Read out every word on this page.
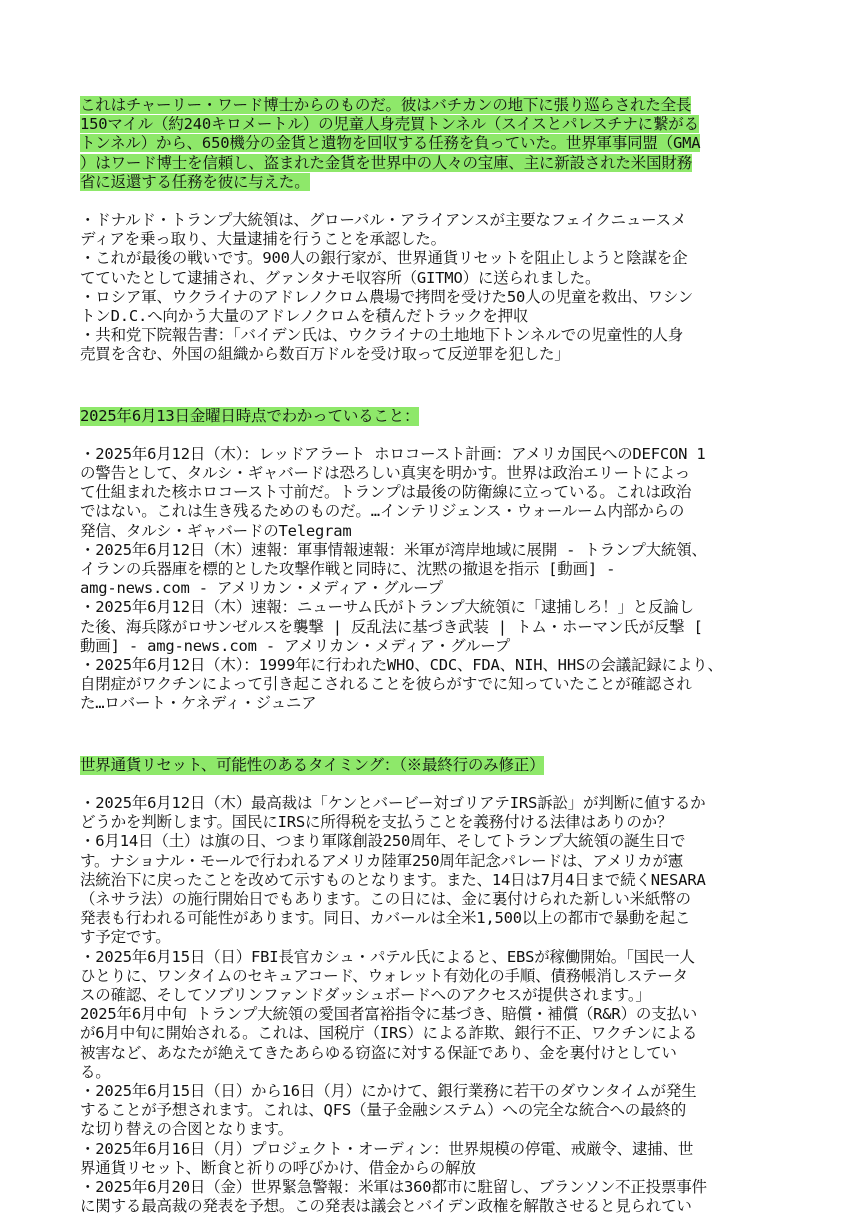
これはチャーリー・ワード博士からのものだ。彼はバチカンの地下に張り巡らされた全長
150マイル（約240キロメートル）の児童人身売買トンネル（スイスとパレスチナに繋がる
トンネル）から、650機分の金貨と遺物を回収する任務を負っていた。世界軍事同盟（GMA
）はワード博士を信頼し、盗まれた金貨を世界中の人々の宝庫、主に新設された米国財務
省に返還する任務を彼に与えた。
・ドナルド・トランプ大統領は、グローバル・アライアンスが主要なフェイクニュースメ
ディアを乗っ取り、大量逮捕を行うことを承認した。
・これが最後の戦いです。900人の銀行家が、世界通貨リセットを阻止しようと陰謀を企
てていたとして逮捕され、グァンタナモ収容所（GITMO）に送られました。
・ロシア軍、ウクライナのアドレノクロム農場で拷問を受けた50人の児童を救出、ワシン
トンD.C.へ向かう大量のアドレノクロムを積んだトラックを押収
・共和党下院報告書：「バイデン氏は、ウクライナの土地地下トンネルでの児童性的人身
売買を含む、外国の組織から数百万ドルを受け取って反逆罪を犯した」
2025年6月13日金曜日時点でわかっていること：
・2025年6月12日（木）：レッドアラート ホロコースト計画：アメリカ国民へのDEFCON 1
の警告として、タルシ・ギャバードは恐ろしい真実を明かす。世界は政治エリートによっ
て仕組まれた核ホロコースト寸前だ。トランプは最後の防衛線に立っている。これは政治
ではない。これは生き残るためのものだ。…インテリジェンス・ウォールーム内部からの
発信、タルシ・ギャバードのTelegram
・2025年6月12日（木）速報：軍事情報速報：米軍が湾岸地域に展開 - トランプ大統領、
イランの兵器庫を標的とした攻撃作戦と同時に、沈黙の撤退を指示 [動画] -
amg-news.com - アメリカン・メディア・グループ
・2025年6月12日（木）速報：ニューサム氏がトランプ大統領に「逮捕しろ！」と反論し
た後、海兵隊がロサンゼルスを襲撃 | 反乱法に基づき武装 | トム・ホーマン氏が反撃 [
動画] - amg-news.com - アメリカン・メディア・グループ
・2025年6月12日（木）：1999年に行われたWHO、CDC、FDA、NIH、HHSの会議記録により、
自閉症がワクチンによって引き起こされることを彼らがすでに知っていたことが確認され
た…ロバート・ケネディ・ジュニア
世界通貨リセット、可能性のあるタイミング：（※最終行のみ修正）
・2025年6月12日（木）最高裁は「ケンとバービー対ゴリアテIRS訴訟」が判断に値するか
どうかを判断します。国民にIRSに所得税を支払うことを義務付ける法律はありのか？
・6月14日（土）は旗の日、つまり軍隊創設250周年、そしてトランプ大統領の誕生日で
す。ナショナル・モールで行われるアメリカ陸軍250周年記念パレードは、アメリカが憲
法統治下に戻ったことを改めて示すものとなります。また、14日は7月4日まで続くNESARA
（ネサラ法）の施行開始日でもあります。この日には、金に裏付けられた新しい米紙幣の
発表も行われる可能性があります。同日、カバールは全米1,500以上の都市で暴動を起こ
す予定です。
・2025年6月15日（日）FBI長官カシュ・パテル氏によると、EBSが稼働開始。「国民一人
ひとりに、ワンタイムのセキュアコード、ウォレット有効化の手順、債務帳消しステータ
スの確認、そしてソブリンファンドダッシュボードへのアクセスが提供されます。」
2025年6月中旬 トランプ大統領の愛国者富裕指令に基づき、賠償・補償（R&R）の支払い
が6月中旬に開始される。これは、国税庁（IRS）による詐欺、銀行不正、ワクチンによる
被害など、あなたが絶えてきたあらゆる窃盗に対する保証であり、金を裏付けとしてい
る。
・2025年6月15日（日）から16日（月）にかけて、銀行業務に若干のダウンタイムが発生
することが予想されます。これは、QFS（量子金融システム）への完全な統合への最終的
な切り替えの合図となります。
・2025年6月16日（月）プロジェクト・オーディン：世界規模の停電、戒厳令、逮捕、世
界通貨リセット、断食と祈りの呼びかけ、借金からの解放
・2025年6月20日（金）世界緊急警報：米軍は360都市に駐留し、ブランソン不正投票事件
に関する最高裁の発表を予想。この発表は議会とバイデン政権を解散させると見られてい
